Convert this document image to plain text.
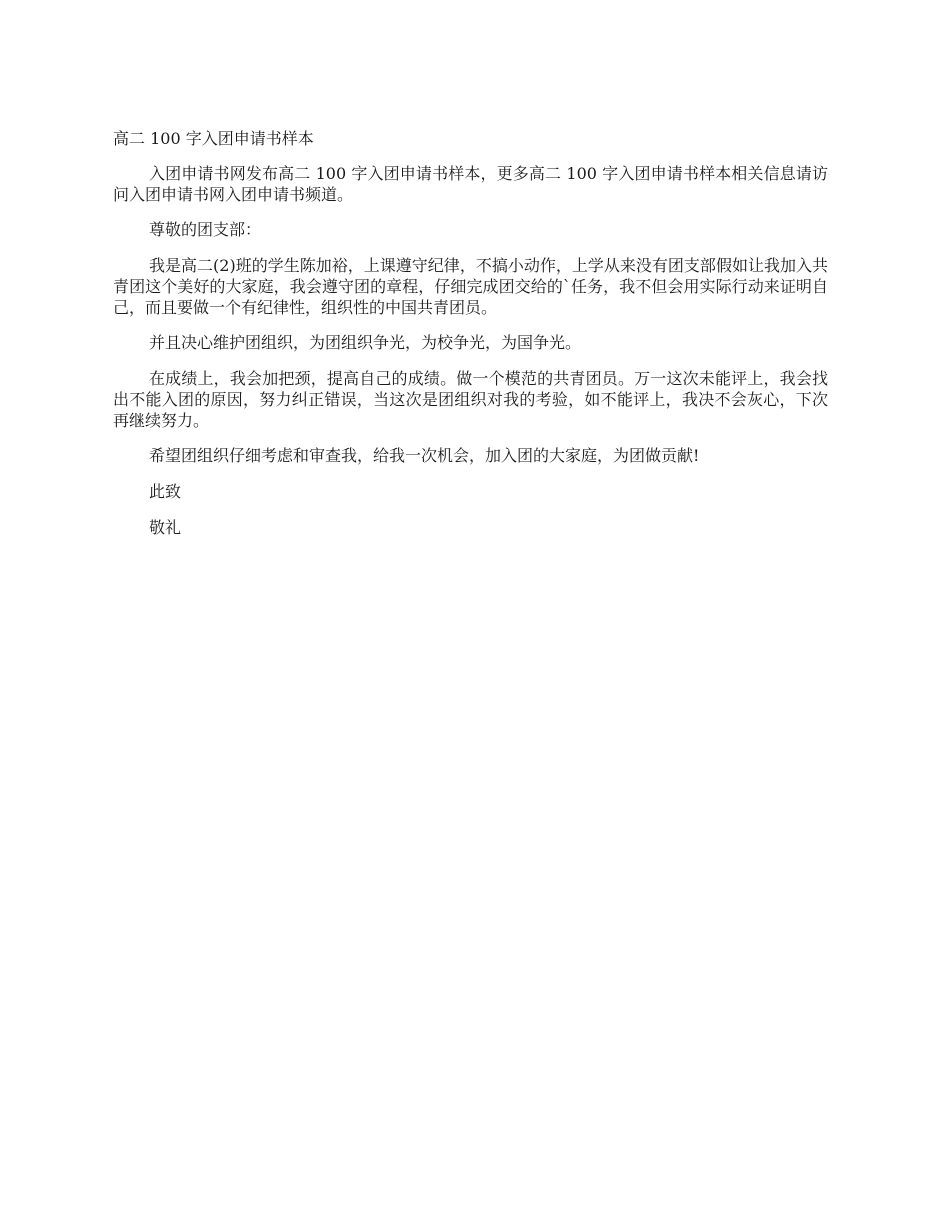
高二 100 字入团申请书样本

入团申请书网发布高二 100 字入团申请书样本，更多高二 100 字入团申请书样本相关信息请访问入团申请书网入团申请书频道。

尊敬的团支部：

我是高二(2)班的学生陈加裕，上课遵守纪律，不搞小动作，上学从来没有团支部假如让我加入共青团这个美好的大家庭，我会遵守团的章程，仔细完成团交给的`任务，我不但会用实际行动来证明自己，而且要做一个有纪律性，组织性的中国共青团员。

并且决心维护团组织，为团组织争光，为校争光，为国争光。

在成绩上，我会加把颈，提高自己的成绩。做一个模范的共青团员。万一这次未能评上，我会找出不能入团的原因，努力纠正错误，当这次是团组织对我的考验，如不能评上，我决不会灰心，下次再继续努力。

希望团组织仔细考虑和审查我，给我一次机会，加入团的大家庭，为团做贡献!

此致

敬礼
